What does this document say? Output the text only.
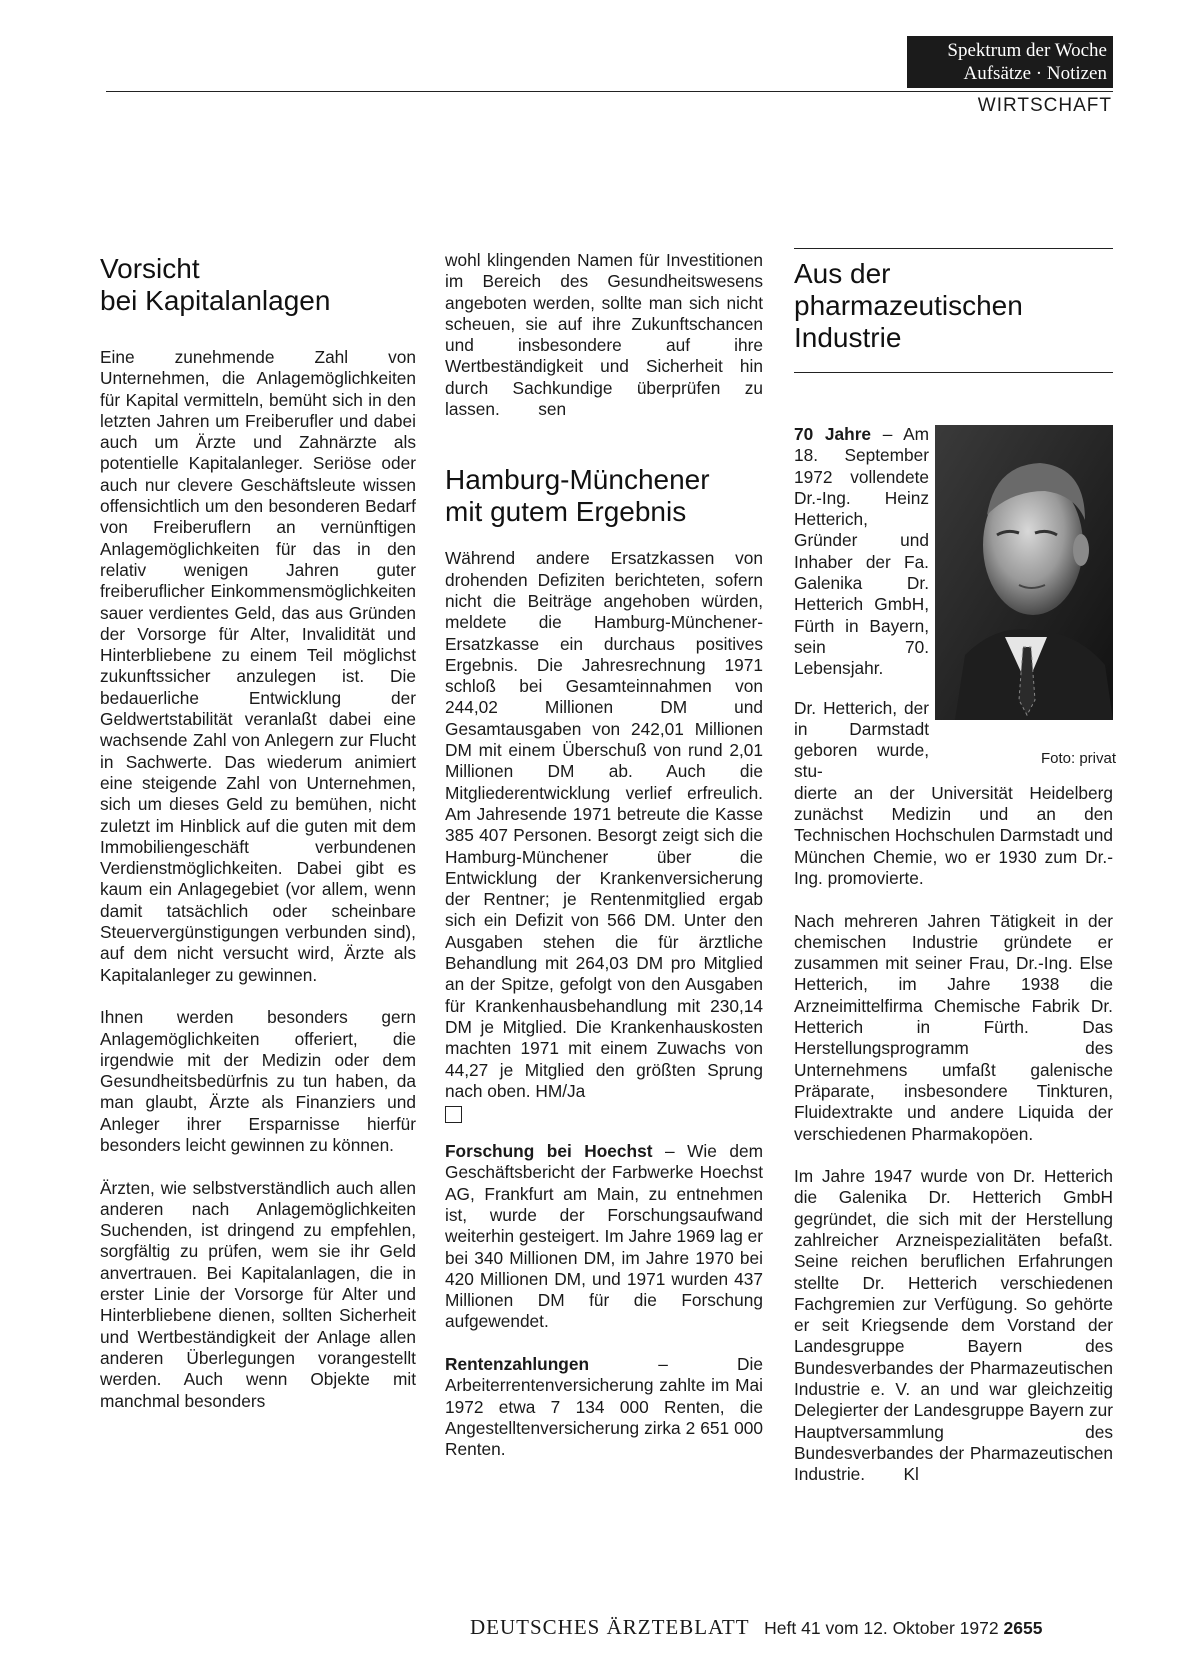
Spektrum der Woche
Aufsätze · Notizen
WIRTSCHAFT
Vorsicht
bei Kapitalanlagen

Eine zunehmende Zahl von Unternehmen, die Anlagemöglichkeiten für Kapital vermitteln, bemüht sich in den letzten Jahren um Freiberufler und dabei auch um Ärzte und Zahnärzte als potentielle Kapitalanleger. Seriöse oder auch nur clevere Geschäftsleute wissen offensichtlich um den besonderen Bedarf von Freiberuflern an vernünftigen Anlagemöglichkeiten für das in den relativ wenigen Jahren guter freiberuflicher Einkommensmöglichkeiten sauer verdientes Geld, das aus Gründen der Vorsorge für Alter, Invalidität und Hinterbliebene zu einem Teil möglichst zukunftssicher anzulegen ist. Die bedauerliche Entwicklung der Geldwertstabilität veranlaßt dabei eine wachsende Zahl von Anlegern zur Flucht in Sachwerte. Das wiederum animiert eine steigende Zahl von Unternehmen, sich um dieses Geld zu bemühen, nicht zuletzt im Hinblick auf die guten mit dem Immobiliengeschäft verbundenen Verdienstmöglichkeiten. Dabei gibt es kaum ein Anlagegebiet (vor allem, wenn damit tatsächlich oder scheinbare Steuervergünstigungen verbunden sind), auf dem nicht versucht wird, Ärzte als Kapitalanleger zu gewinnen.

Ihnen werden besonders gern Anlagemöglichkeiten offeriert, die irgendwie mit der Medizin oder dem Gesundheitsbedürfnis zu tun haben, da man glaubt, Ärzte als Finanziers und Anleger ihrer Ersparnisse hierfür besonders leicht gewinnen zu können.

Ärzten, wie selbstverständlich auch allen anderen nach Anlagemöglichkeiten Suchenden, ist dringend zu empfehlen, sorgfältig zu prüfen, wem sie ihr Geld anvertrauen. Bei Kapitalanlagen, die in erster Linie der Vorsorge für Alter und Hinterbliebene dienen, sollten Sicherheit und Wertbeständigkeit der Anlage allen anderen Überlegungen vorangestellt werden. Auch wenn Objekte mit manchmal besonders

wohl klingenden Namen für Investitionen im Bereich des Gesundheitswesens angeboten werden, sollte man sich nicht scheuen, sie auf ihre Zukunftschancen und insbesondere auf ihre Wertbeständigkeit und Sicherheit hin durch Sachkundige überprüfen zu lassen. sen

Hamburg-Münchener
mit gutem Ergebnis

Während andere Ersatzkassen von drohenden Defiziten berichteten, sofern nicht die Beiträge angehoben würden, meldete die Hamburg-Münchener-Ersatzkasse ein durchaus positives Ergebnis. Die Jahresrechnung 1971 schloß bei Gesamteinnahmen von 244,02 Millionen DM und Gesamtausgaben von 242,01 Millionen DM mit einem Überschuß von rund 2,01 Millionen DM ab. Auch die Mitgliederentwicklung verlief erfreulich. Am Jahresende 1971 betreute die Kasse 385 407 Personen. Besorgt zeigt sich die Hamburg-Münchener über die Entwicklung der Krankenversicherung der Rentner; je Rentenmitglied ergab sich ein Defizit von 566 DM. Unter den Ausgaben stehen die für ärztliche Behandlung mit 264,03 DM pro Mitglied an der Spitze, gefolgt von den Ausgaben für Krankenhausbehandlung mit 230,14 DM je Mitglied. Die Krankenhauskosten machten 1971 mit einem Zuwachs von 44,27 je Mitglied den größten Sprung nach oben. HM/Ja

Forschung bei Hoechst – Wie dem Geschäftsbericht der Farbwerke Hoechst AG, Frankfurt am Main, zu entnehmen ist, wurde der Forschungsaufwand weiterhin gesteigert. Im Jahre 1969 lag er bei 340 Millionen DM, im Jahre 1970 bei 420 Millionen DM, und 1971 wurden 437 Millionen DM für die Forschung aufgewendet.

Rentenzahlungen – Die Arbeiterrentenversicherung zahlte im Mai 1972 etwa 7 134 000 Renten, die Angestelltenversicherung zirka 2 651 000 Renten.

Aus der
pharmazeutischen
Industrie

70 Jahre – Am 18. September 1972 vollendete Dr.-Ing. Heinz Hetterich, Gründer und Inhaber der Fa. Galenika Dr. Hetterich GmbH, Fürth in Bayern, sein 70. Lebensjahr.

Dr. Hetterich, der in Darmstadt geboren wurde, stu-

dierte an der Universität Heidelberg zunächst Medizin und an den Technischen Hochschulen Darmstadt und München Chemie, wo er 1930 zum Dr.-Ing. promovierte.

Nach mehreren Jahren Tätigkeit in der chemischen Industrie gründete er zusammen mit seiner Frau, Dr.-Ing. Else Hetterich, im Jahre 1938 die Arzneimittelfirma Chemische Fabrik Dr. Hetterich in Fürth. Das Herstellungsprogramm des Unternehmens umfaßt galenische Präparate, insbesondere Tinkturen, Fluidextrakte und andere Liquida der verschiedenen Pharmakopöen.

Im Jahre 1947 wurde von Dr. Hetterich die Galenika Dr. Hetterich GmbH gegründet, die sich mit der Herstellung zahlreicher Arzneispezialitäten befaßt. Seine reichen beruflichen Erfahrungen stellte Dr. Hetterich verschiedenen Fachgremien zur Verfügung. So gehörte er seit Kriegsende dem Vorstand der Landesgruppe Bayern des Bundesverbandes der Pharmazeutischen Industrie e. V. an und war gleichzeitig Delegierter der Landesgruppe Bayern zur Hauptversammlung des Bundesverbandes der Pharmazeutischen Industrie. Kl

Foto: privat
DEUTSCHES ÄRZTEBLATT Heft 41 vom 12. Oktober 1972 2655
